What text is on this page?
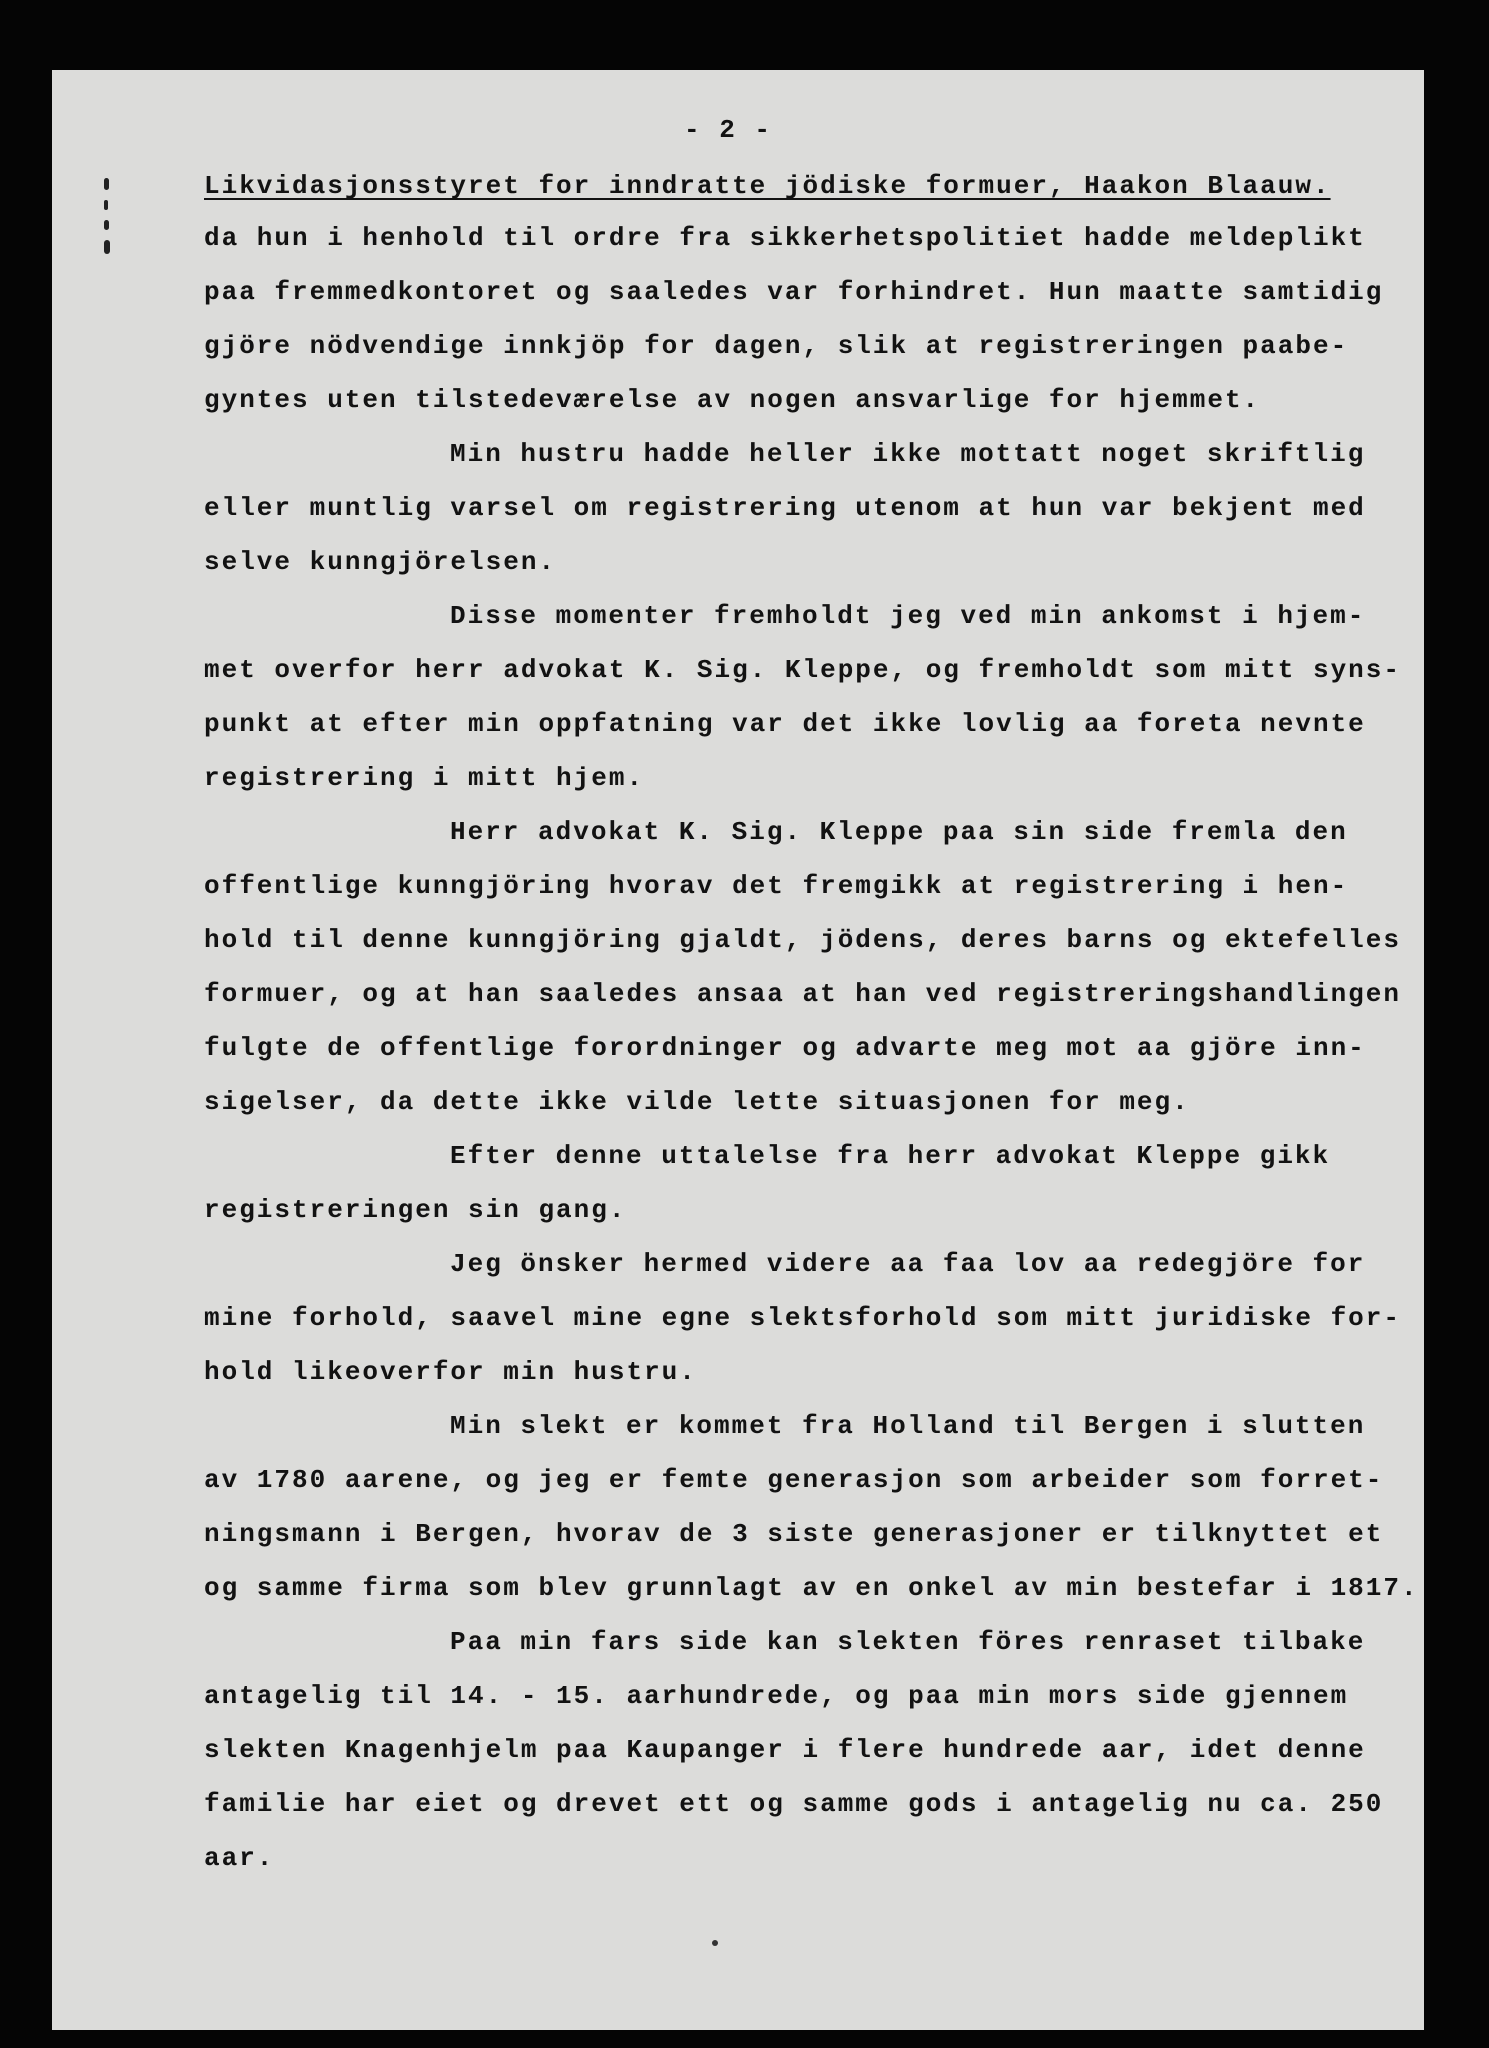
- 2 -
Likvidasjonsstyret for inndratte jödiske formuer, Haakon Blaauw.
da hun i henhold til ordre fra sikkerhetspolitiet hadde meldeplikt
paa fremmedkontoret og saaledes var forhindret. Hun maatte samtidig
gjöre nödvendige innkjöp for dagen, slik at registreringen paabe-
gyntes uten tilstedeværelse av nogen ansvarlige for hjemmet.
Min hustru hadde heller ikke mottatt noget skriftlig
eller muntlig varsel om registrering utenom at hun var bekjent med
selve kunngjörelsen.
Disse momenter fremholdt jeg ved min ankomst i hjem-
met overfor herr advokat K. Sig. Kleppe, og fremholdt som mitt syns-
punkt at efter min oppfatning var det ikke lovlig aa foreta nevnte
registrering i mitt hjem.
Herr advokat K. Sig. Kleppe paa sin side fremla den
offentlige kunngjöring hvorav det fremgikk at registrering i hen-
hold til denne kunngjöring gjaldt, jödens, deres barns og ektefelles
formuer, og at han saaledes ansaa at han ved registreringshandlingen
fulgte de offentlige forordninger og advarte meg mot aa gjöre inn-
sigelser, da dette ikke vilde lette situasjonen for meg.
Efter denne uttalelse fra herr advokat Kleppe gikk
registreringen sin gang.
Jeg önsker hermed videre aa faa lov aa redegjöre for
mine forhold, saavel mine egne slektsforhold som mitt juridiske for-
hold likeoverfor min hustru.
Min slekt er kommet fra Holland til Bergen i slutten
av 1780 aarene, og jeg er femte generasjon som arbeider som forret-
ningsmann i Bergen, hvorav de 3 siste generasjoner er tilknyttet et
og samme firma som blev grunnlagt av en onkel av min bestefar i 1817.
Paa min fars side kan slekten föres renraset tilbake
antagelig til 14. - 15. aarhundrede, og paa min mors side gjennem
slekten Knagenhjelm paa Kaupanger i flere hundrede aar, idet denne
familie har eiet og drevet ett og samme gods i antagelig nu ca. 250
aar.
